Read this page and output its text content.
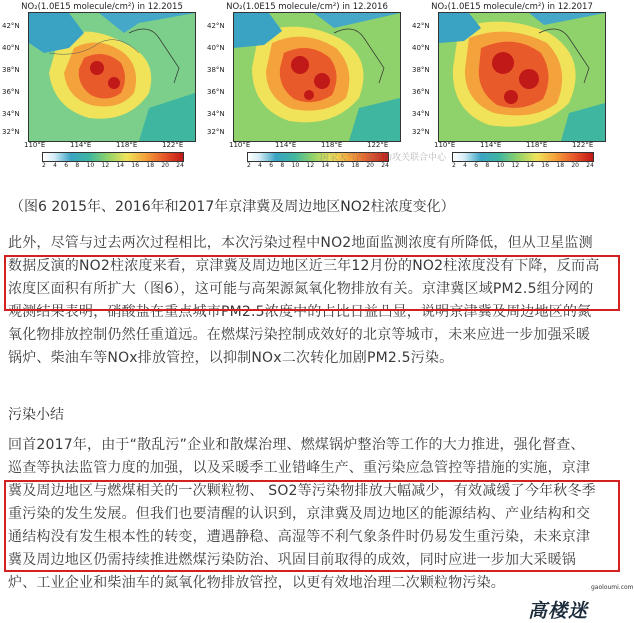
NO₂(1.0E15 molecule/cm²) in 12.2015
42°N
40°N
38°N
36°N
34°N
32°N
110°E	114°E	118°E	122°E
2 4 6 8 10 12 14 16 18 20 24
NO₂(1.0E15 molecule/cm²) in 12.2016
42°N
40°N
38°N
36°N
34°N
32°N
110°E	114°E	118°E	122°E
2 4 6 8 10 12 14 16 18 20 24
NO₂(1.0E15 molecule/cm²) in 12.2017
42°N
40°N
38°N
36°N
34°N
32°N
110°E	114°E	118°E	122°E
2 4 6 8 10 12 14 16 18 20 24
国家大气污染防治攻关联合中心
（图6 2015年、2016年和2017年京津冀及周边地区NO2柱浓度变化）
此外，尽管与过去两次过程相比，本次污染过程中NO2地面监测浓度有所降低，但从卫星监测
数据反演的NO2柱浓度来看，京津冀及周边地区近三年12月份的NO2柱浓度没有下降，反而高
浓度区面积有所扩大（图6），这可能与高架源氮氧化物排放有关。京津冀区域PM2.5组分网的
观测结果表明，硝酸盐在重点城市PM2.5浓度中的占比日益凸显，说明京津冀及周边地区的氮
氧化物排放控制仍然任重道远。在燃煤污染控制成效好的北京等城市，未来应进一步加强采暖
锅炉、柴油车等NOx排放管控，以抑制NOx二次转化加剧PM2.5污染。
污染小结
回首2017年，由于“散乱污”企业和散煤治理、燃煤锅炉整治等工作的大力推进，强化督查、
巡查等执法监管力度的加强，以及采暖季工业错峰生产、重污染应急管控等措施的实施，京津
冀及周边地区与燃煤相关的一次颗粒物、 SO2等污染物排放大幅减少，有效减缓了今年秋冬季
重污染的发生发展。但我们也要清醒的认识到，京津冀及周边地区的能源结构、产业结构和交
通结构没有发生根本性的转变，遭遇静稳、高湿等不利气象条件时仍易发生重污染，未来京津
冀及周边地区仍需持续推进燃煤污染防治、巩固目前取得的成效，同时应进一步加大采暖锅
炉、工业企业和柴油车的氮氧化物排放管控，以更有效地治理二次颗粒物污染。	gaoloumi.com
高楼迷
